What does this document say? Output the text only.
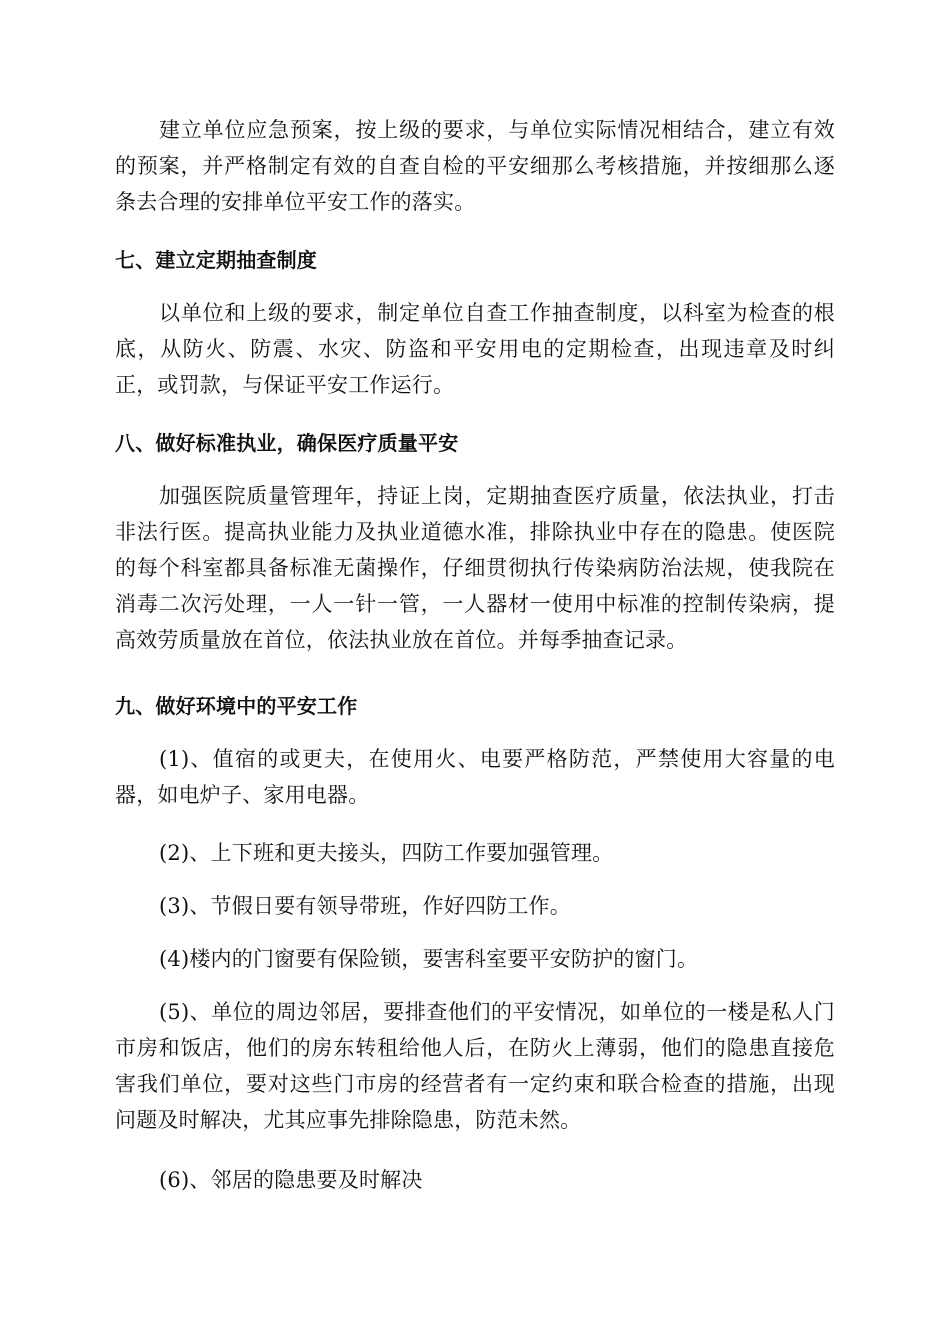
建立单位应急预案，按上级的要求，与单位实际情况相结合，建立有效的预案，并严格制定有效的自查自检的平安细那么考核措施，并按细那么逐条去合理的安排单位平安工作的落实。
七、建立定期抽查制度
以单位和上级的要求，制定单位自查工作抽查制度，以科室为检查的根底，从防火、防震、水灾、防盗和平安用电的定期检查，出现违章及时纠正，或罚款，与保证平安工作运行。
八、做好标准执业，确保医疗质量平安
加强医院质量管理年，持证上岗，定期抽查医疗质量，依法执业，打击非法行医。提高执业能力及执业道德水准，排除执业中存在的隐患。使医院的每个科室都具备标准无菌操作，仔细贯彻执行传染病防治法规，使我院在消毒二次污处理，一人一针一管，一人器材一使用中标准的控制传染病，提高效劳质量放在首位，依法执业放在首位。并每季抽查记录。
九、做好环境中的平安工作
(1)、值宿的或更夫，在使用火、电要严格防范，严禁使用大容量的电器，如电炉子、家用电器。
(2)、上下班和更夫接头，四防工作要加强管理。
(3)、节假日要有领导带班，作好四防工作。
(4)楼内的门窗要有保险锁，要害科室要平安防护的窗门。
(5)、单位的周边邻居，要排查他们的平安情况，如单位的一楼是私人门市房和饭店，他们的房东转租给他人后，在防火上薄弱，他们的隐患直接危害我们单位，要对这些门市房的经营者有一定约束和联合检查的措施，出现问题及时解决，尤其应事先排除隐患，防范未然。
(6)、邻居的隐患要及时解决
